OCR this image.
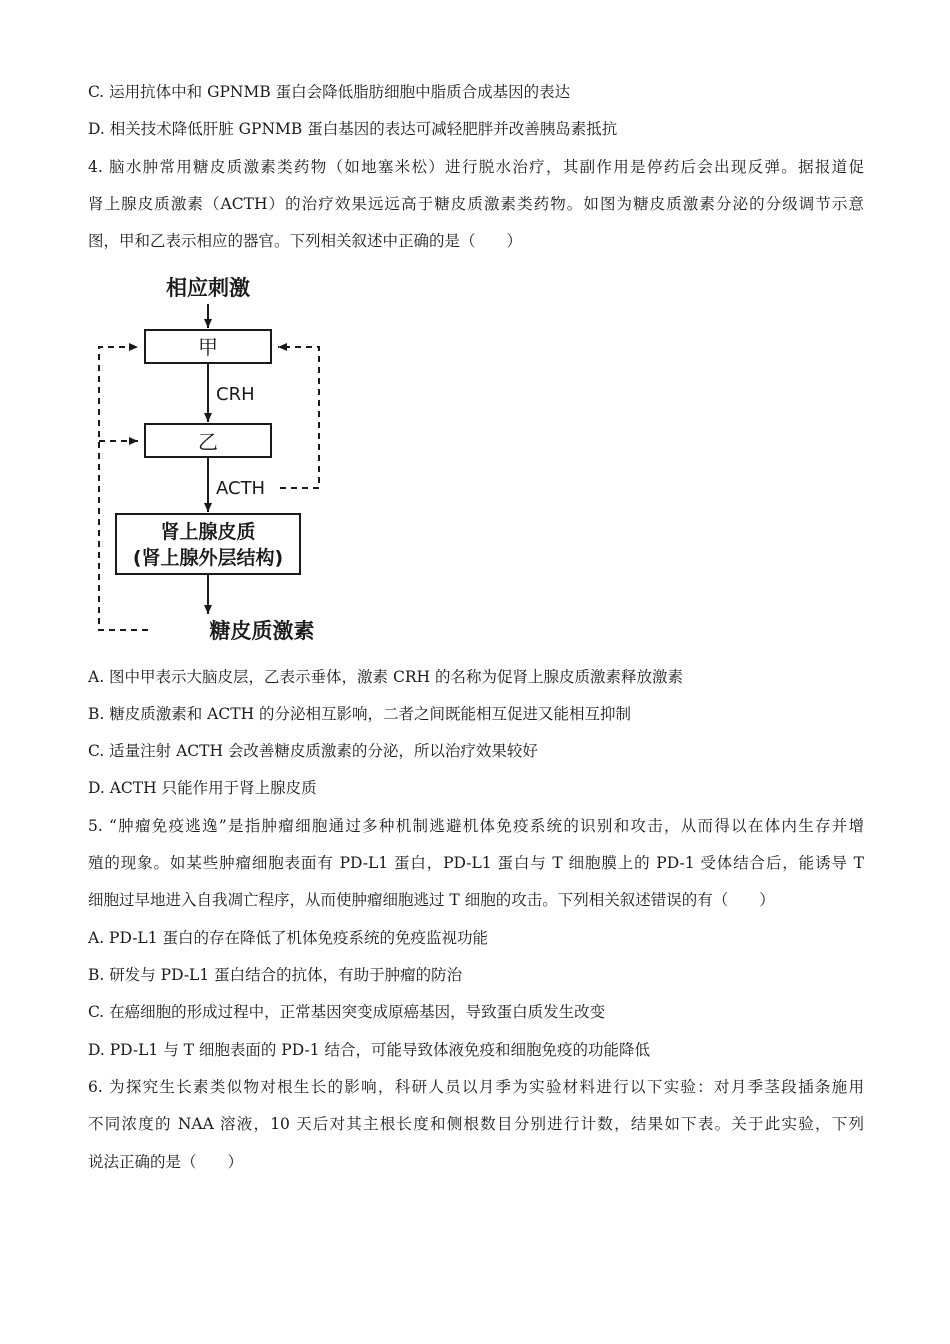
C. 运用抗体中和 GPNMB 蛋白会降低脂肪细胞中脂质合成基因的表达
D. 相关技术降低肝脏 GPNMB 蛋白基因的表达可减轻肥胖并改善胰岛素抵抗
4. 脑水肿常用糖皮质激素类药物（如地塞米松）进行脱水治疗，其副作用是停药后会出现反弹。据报道促
肾上腺皮质激素（ACTH）的治疗效果远远高于糖皮质激素类药物。如图为糖皮质激素分泌的分级调节示意
图，甲和乙表示相应的器官。下列相关叙述中正确的是（　　）
相应刺激
甲
CRH
乙
ACTH
肾上腺皮质
(肾上腺外层结构)
糖皮质激素
A. 图中甲表示大脑皮层，乙表示垂体，激素 CRH 的名称为促肾上腺皮质激素释放激素
B. 糖皮质激素和 ACTH 的分泌相互影响，二者之间既能相互促进又能相互抑制
C. 适量注射 ACTH 会改善糖皮质激素的分泌，所以治疗效果较好
D. ACTH 只能作用于肾上腺皮质
5. “肿瘤免疫逃逸”是指肿瘤细胞通过多种机制逃避机体免疫系统的识别和攻击，从而得以在体内生存并增
殖的现象。如某些肿瘤细胞表面有 PD-L1 蛋白，PD-L1 蛋白与 T 细胞膜上的 PD-1 受体结合后，能诱导 T
细胞过早地进入自我凋亡程序，从而使肿瘤细胞逃过 T 细胞的攻击。下列相关叙述错误的有（　　）
A. PD-L1 蛋白的存在降低了机体免疫系统的免疫监视功能
B. 研发与 PD-L1 蛋白结合的抗体，有助于肿瘤的防治
C. 在癌细胞的形成过程中，正常基因突变成原癌基因，导致蛋白质发生改变
D. PD-L1 与 T 细胞表面的 PD-1 结合，可能导致体液免疫和细胞免疫的功能降低
6. 为探究生长素类似物对根生长的影响，科研人员以月季为实验材料进行以下实验：对月季茎段插条施用
不同浓度的 NAA 溶液，10 天后对其主根长度和侧根数目分别进行计数，结果如下表。关于此实验，下列
说法正确的是（　　）
